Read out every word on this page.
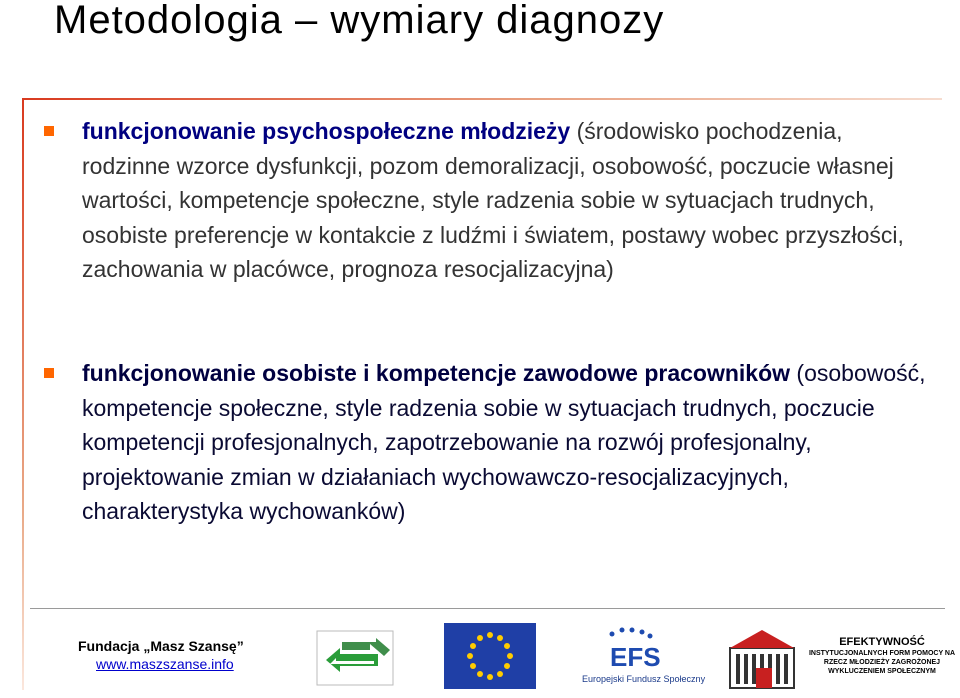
Metodologia – wymiary diagnozy
funkcjonowanie psychospołeczne młodzieży (środowisko pochodzenia, rodzinne wzorce dysfunkcji, pozom demoralizacji, osobowość, poczucie własnej wartości, kompetencje społeczne, style radzenia sobie w sytuacjach trudnych, osobiste preferencje w kontakcie z ludźmi i światem, postawy wobec przyszłości, zachowania w placówce, prognoza resocjalizacyjna)
funkcjonowanie osobiste i kompetencje zawodowe pracowników (osobowość, kompetencje społeczne, style radzenia sobie w sytuacjach trudnych, poczucie kompetencji profesjonalnych, zapotrzebowanie na rozwój profesjonalny, projektowanie zmian w działaniach wychowawczo-resocjalizacyjnych, charakterystyka wychowanków)
Fundacja „Masz Szansę”
www.maszszanse.info	EFS
Europejski Fundusz Społeczny
EFEKTYWNOŚĆ
INSTYTUCJONALNYCH FORM POMOCY NA RZECZ MŁODZIEŻY ZAGROŻONEJ WYKLUCZENIEM SPOŁECZNYM
